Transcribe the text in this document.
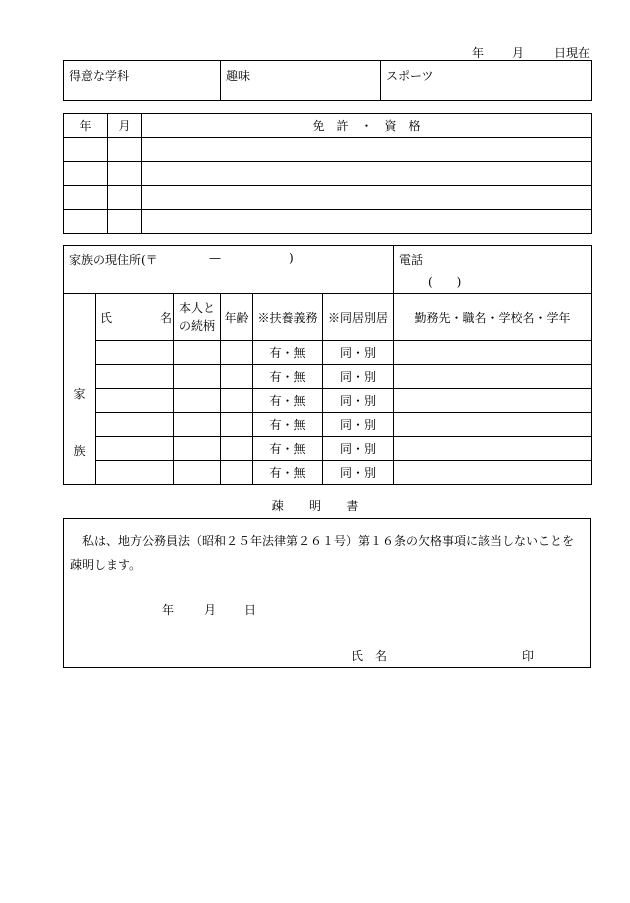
年 月 日現在
得意な学科	趣味	スポーツ
年	月	免　許　・　資　格

家族の現住所(〒 — )						電話
(　　)

家
族	氏　　　　名	本人との続柄	年齢	※扶養義務	※同居別居	勤務先・職名・学校名・学年
				有・無	同・別	
				有・無	同・別	
				有・無	同・別	
				有・無	同・別	
				有・無	同・別	
				有・無	同・別	
疎 明 書
　私は、地方公務員法（昭和２５年法律第２６１号）第１６条の欠格事項に該当しないことを疎明します。
年 月 日
氏　名	印
